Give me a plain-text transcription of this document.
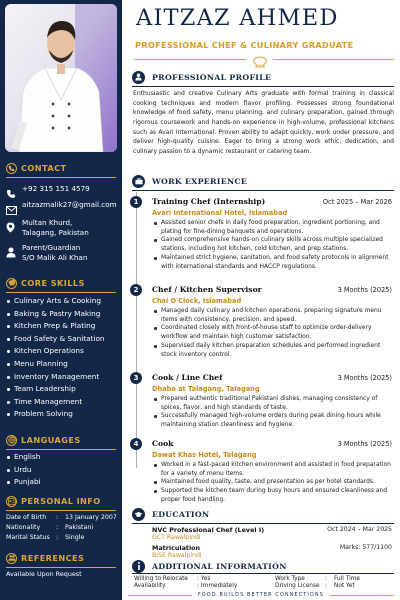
CONTACT
+92 315 151 4579
aitzazmalik27@gmail.com
Multan Khurd,
Talagang, Pakistan
Parent/Guardian
S/O Malik Ali Khan
CORE SKILLS
Culinary Arts & Cooking
Baking & Pastry Making
Kitchen Prep & Plating
Food Safety & Sanitation
Kitchen Operations
Menu Planning
Inventory Management
Team Leadership
Time Management
Problem Solving
LANGUAGES
English
Urdu
Punjabi
PERSONAL INFO
Date of Birth	:	13 January 2007
Nationality	:	Pakistani
Marital Status :	Single
REFERENCES
Available Upon Request
AITZAZ AHMED
PROFESSIONAL CHEF & CULINARY GRADUATE
PROFESSIONAL PROFILE
Enthusiastic and creative Culinary Arts graduate with formal training in classical cooking techniques and modern flavor profiling. Possesses strong foundational knowledge of food safety, menu planning, and culinary preparation, gained through rigorous coursework and hands-on experience in high-volume, professional kitchens such as Avari International. Proven ability to adapt quickly, work under pressure, and deliver high-quality cuisine. Eager to bring a strong work ethic, dedication, and culinary passion to a dynamic restaurant or catering team.
WORK EXPERIENCE
1	Training Chef (Internship)	Oct 2025 – Mar 2026
Avari International Hotel, Islamabad
Assisted senior chefs in daily food preparation, ingredient portioning, and plating for fine-dining banquets and operations.
Gained comprehensive hands-on culinary skills across multiple specialized stations, including hot kitchen, cold kitchen, and prep stations.
Maintained strict hygiene, sanitation, and food safety protocols in alignment with international standards and HACCP regulations.
2	Chef / Kitchen Supervisor	3 Months (2025)
Chai O'Clock, Islamabad
Managed daily culinary and kitchen operations, preparing signature menu items with consistency, precision, and speed.
Coordinated closely with front-of-house staff to optimize order-delivery workflow and maintain high customer satisfaction.
Supervised daily kitchen preparation schedules and performed ingredient stock inventory control.
3	Cook / Line Chef	3 Months (2025)
Dhaba at Talagang, Talagang
Prepared authentic traditional Pakistani dishes, managing consistency of spices, flavor, and high standards of taste.
Successfully managed high-volume orders during peak dining hours while maintaining station cleanliness and hygiene.
4	Cook	3 Months (2025)
Dawat Khas Hotel, Talagang
Worked in a fast-paced kitchen environment and assisted in food preparation for a variety of menu items.
Maintained food quality, taste, and presentation as per hotel standards.
Supported the kitchen team during busy hours and ensured cleanliness and proper food handling.
EDUCATION
NVC Professional Chef (Level I)	Oct 2024 – Mar 2025
GCT Rawalpindi
Matriculation	Marks: 577/1100
BISE Rawalpindi
ADDITIONAL INFORMATION
Willing to Relocate : Yes
Availability	: Immediately
Work Type	: Full Time
Driving License : Not Yet
FOOD BUILDS BETTER CONNECTIONS
